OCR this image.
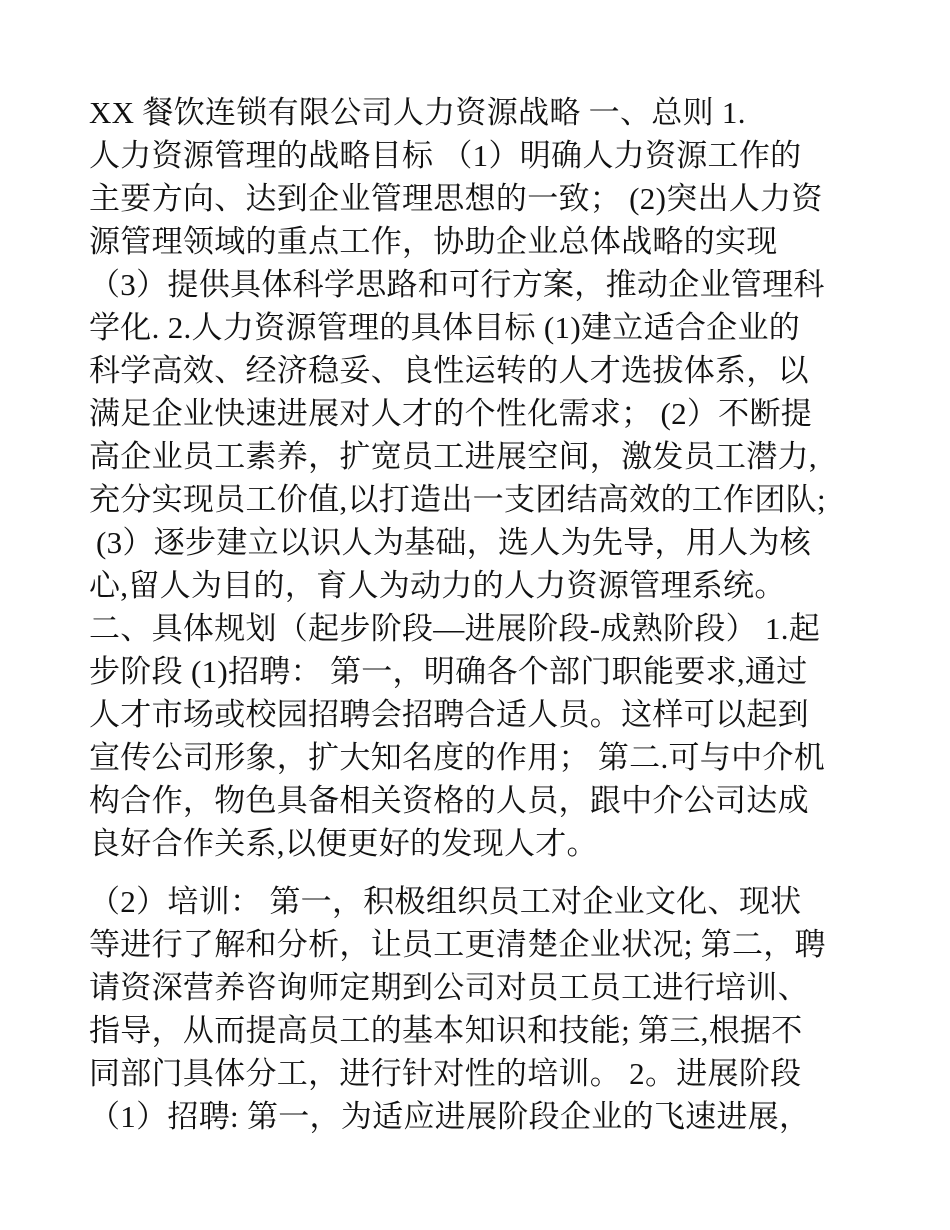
XX 餐饮连锁有限公司人力资源战略 一、总则 1.
人力资源管理的战略目标 （1）明确人力资源工作的
主要方向、达到企业管理思想的一致； (2)突出人力资
源管理领域的重点工作，协助企业总体战略的实现
（3）提供具体科学思路和可行方案，推动企业管理科
学化. 2.人力资源管理的具体目标 (1)建立适合企业的
科学高效、经济稳妥、良性运转的人才选拔体系，以
满足企业快速进展对人才的个性化需求； (2）不断提
高企业员工素养，扩宽员工进展空间，激发员工潜力,
充分实现员工价值,以打造出一支团结高效的工作团队;
(3）逐步建立以识人为基础，选人为先导，用人为核
心,留人为目的，育人为动力的人力资源管理系统。
二、具体规划（起步阶段—进展阶段-成熟阶段） 1.起
步阶段 (1)招聘： 第一，明确各个部门职能要求,通过
人才市场或校园招聘会招聘合适人员。这样可以起到
宣传公司形象，扩大知名度的作用； 第二.可与中介机
构合作，物色具备相关资格的人员，跟中介公司达成
良好合作关系,以便更好的发现人才。
（2）培训： 第一，积极组织员工对企业文化、现状
等进行了解和分析，让员工更清楚企业状况; 第二，聘
请资深营养咨询师定期到公司对员工员工进行培训、
指导，从而提高员工的基本知识和技能; 第三,根据不
同部门具体分工，进行针对性的培训。 2。进展阶段
（1）招聘: 第一，为适应进展阶段企业的飞速进展，
